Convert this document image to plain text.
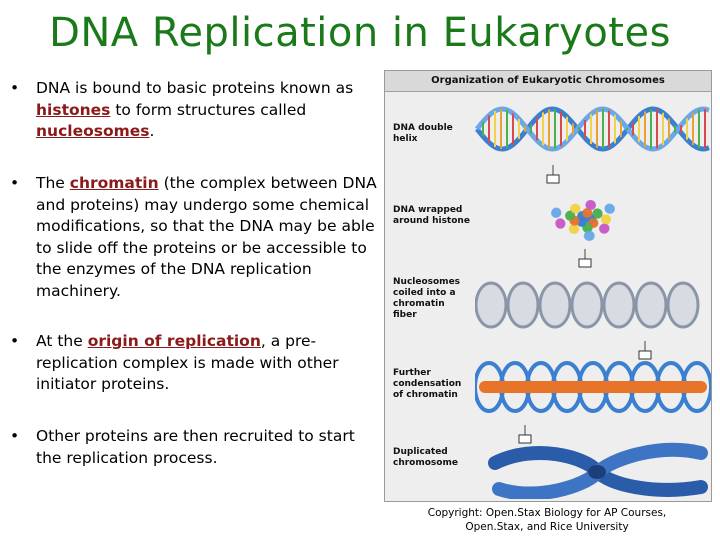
DNA Replication in Eukaryotes
• DNA is bound to basic proteins known as histones to form structures called nucleosomes.
• The chromatin (the complex between DNA and proteins) may undergo some chemical modifications, so that the DNA may be able to slide off the proteins or be accessible to the enzymes of the DNA replication machinery.
• At the origin of replication, a pre-replication complex is made with other initiator proteins.
• Other proteins are then recruited to start the replication process.
Organization of Eukaryotic Chromosomes
DNA double helix
DNA wrapped around histone
Nucleosomes coiled into a chromatin fiber
Further condensation of chromatin
Duplicated chromosome
Copyright: Open.Stax Biology for AP Courses,
Open.Stax, and Rice University
